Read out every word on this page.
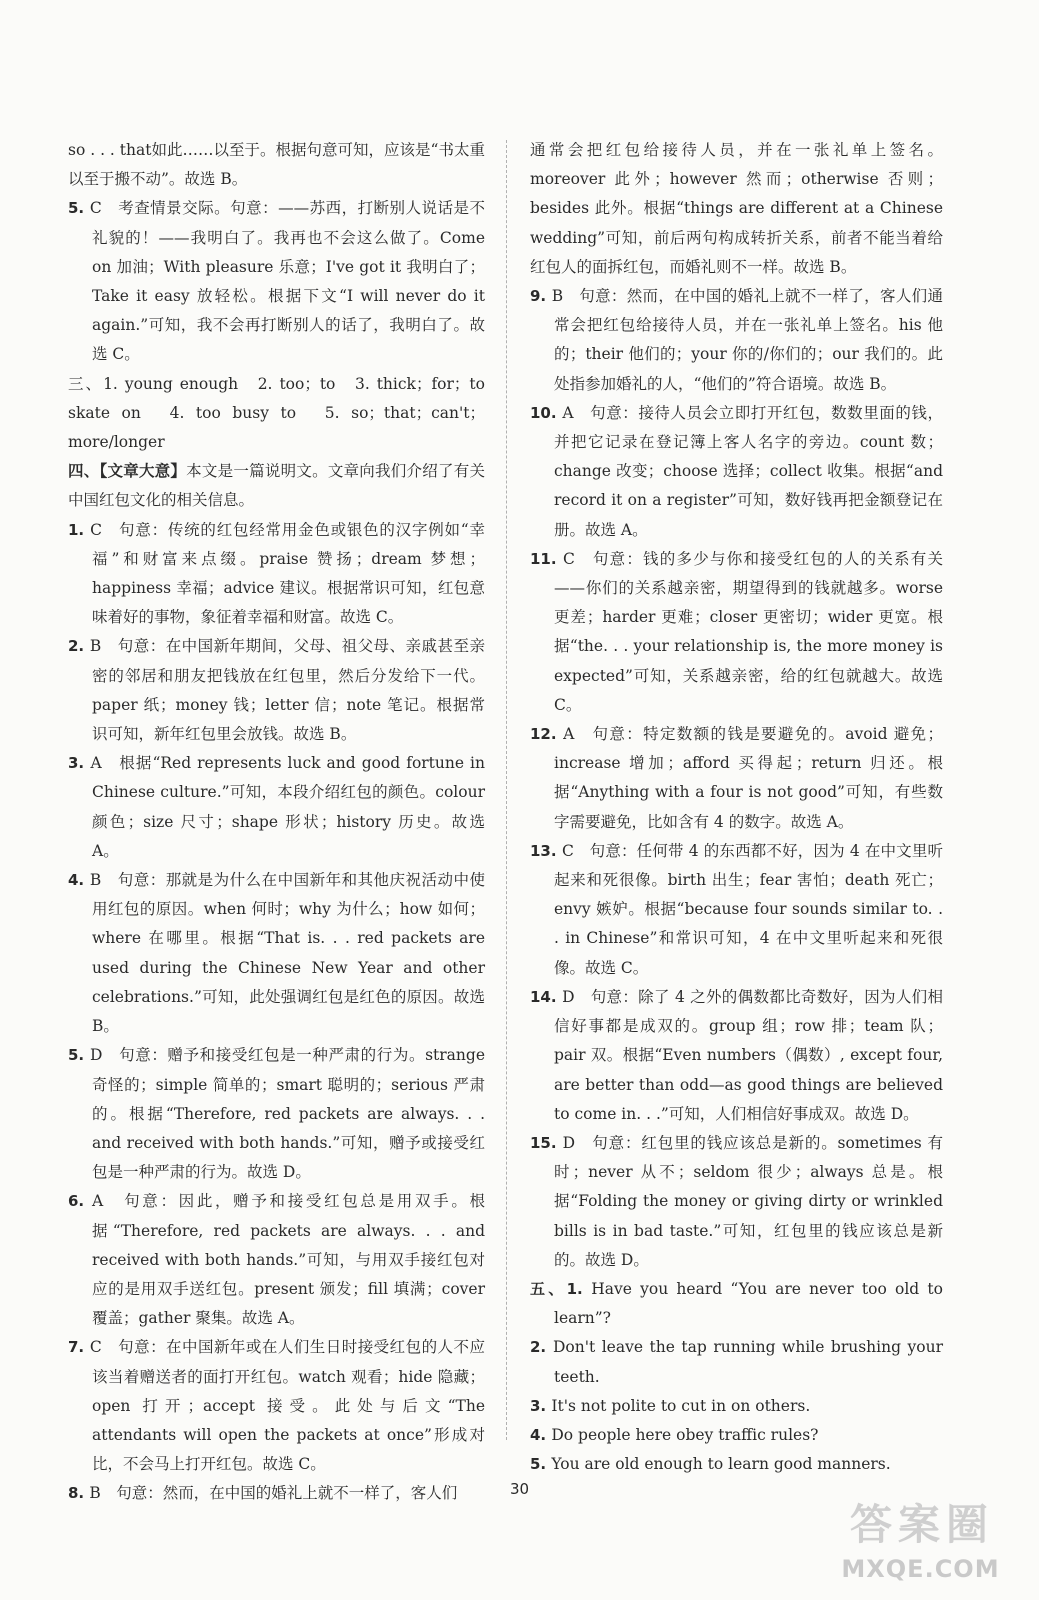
so . . . that如此……以至于。根据句意可知，应该是“书太重以至于搬不动”。故选 B。

5. C　考查情景交际。句意：——苏西，打断别人说话是不礼貌的！——我明白了。我再也不会这么做了。Come on 加油；With pleasure 乐意；I've got it 我明白了；Take it easy 放轻松。根据下文“I will never do it again.”可知，我不会再打断别人的话了，我明白了。故选 C。

三、1. young enough　2. too；to　3. thick；for；to skate on　4. too busy to　5. so；that；can't；more/longer

四、【文章大意】本文是一篇说明文。文章向我们介绍了有关中国红包文化的相关信息。

1. C　句意：传统的红包经常用金色或银色的汉字例如“幸福”和财富来点缀。praise 赞扬；dream 梦想；happiness 幸福；advice 建议。根据常识可知，红包意味着好的事物，象征着幸福和财富。故选 C。

2. B　句意：在中国新年期间，父母、祖父母、亲戚甚至亲密的邻居和朋友把钱放在红包里，然后分发给下一代。paper 纸；money 钱；letter 信；note 笔记。根据常识可知，新年红包里会放钱。故选 B。

3. A　根据“Red represents luck and good fortune in Chinese culture.”可知，本段介绍红包的颜色。colour 颜色；size 尺寸；shape 形状；history 历史。故选 A。

4. B　句意：那就是为什么在中国新年和其他庆祝活动中使用红包的原因。when 何时；why 为什么；how 如何；where 在哪里。根据“That is. . . red packets are used during the Chinese New Year and other celebrations.”可知，此处强调红包是红色的原因。故选 B。

5. D　句意：赠予和接受红包是一种严肃的行为。strange 奇怪的；simple 简单的；smart 聪明的；serious 严肃的。根据“Therefore, red packets are always. . . and received with both hands.”可知，赠予或接受红包是一种严肃的行为。故选 D。

6. A　句意：因此，赠予和接受红包总是用双手。根据“Therefore, red packets are always. . . and received with both hands.”可知，与用双手接红包对应的是用双手送红包。present 颁发；fill 填满；cover 覆盖；gather 聚集。故选 A。

7. C　句意：在中国新年或在人们生日时接受红包的人不应该当着赠送者的面打开红包。watch 观看；hide 隐藏；open 打开；accept 接受。此处与后文“The attendants will open the packets at once”形成对比，不会马上打开红包。故选 C。

8. B　句意：然而，在中国的婚礼上就不一样了，客人们

通常会把红包给接待人员，并在一张礼单上签名。moreover 此外；however 然而；otherwise 否则；besides 此外。根据“things are different at a Chinese wedding”可知，前后两句构成转折关系，前者不能当着给红包人的面拆红包，而婚礼则不一样。故选 B。

9. B　句意：然而，在中国的婚礼上就不一样了，客人们通常会把红包给接待人员，并在一张礼单上签名。his 他的；their 他们的；your 你的/你们的；our 我们的。此处指参加婚礼的人，“他们的”符合语境。故选 B。

10. A　句意：接待人员会立即打开红包，数数里面的钱，并把它记录在登记簿上客人名字的旁边。count 数；change 改变；choose 选择；collect 收集。根据“and record it on a register”可知，数好钱再把金额登记在册。故选 A。

11. C　句意：钱的多少与你和接受红包的人的关系有关——你们的关系越亲密，期望得到的钱就越多。worse 更差；harder 更难；closer 更密切；wider 更宽。根据“the. . . your relationship is, the more money is expected”可知，关系越亲密，给的红包就越大。故选 C。

12. A　句意：特定数额的钱是要避免的。avoid 避免；increase 增加；afford 买得起；return 归还。根据“Anything with a four is not good”可知，有些数字需要避免，比如含有 4 的数字。故选 A。

13. C　句意：任何带 4 的东西都不好，因为 4 在中文里听起来和死很像。birth 出生；fear 害怕；death 死亡；envy 嫉妒。根据“because four sounds similar to. . . in Chinese”和常识可知，4 在中文里听起来和死很像。故选 C。

14. D　句意：除了 4 之外的偶数都比奇数好，因为人们相信好事都是成双的。group 组；row 排；team 队；pair 双。根据“Even numbers（偶数）, except four, are better than odd—as good things are believed to come in. . .”可知，人们相信好事成双。故选 D。

15. D　句意：红包里的钱应该总是新的。sometimes 有时；never 从不；seldom 很少；always 总是。根据“Folding the money or giving dirty or wrinkled bills is in bad taste.”可知，红包里的钱应该总是新的。故选 D。

五、1. Have you heard “You are never too old to learn”?

2. Don't leave the tap running while brushing your teeth.

3. It's not polite to cut in on others.

4. Do people here obey traffic rules?

5. You are old enough to learn good manners.

30
答案圈
MXQE.COM
